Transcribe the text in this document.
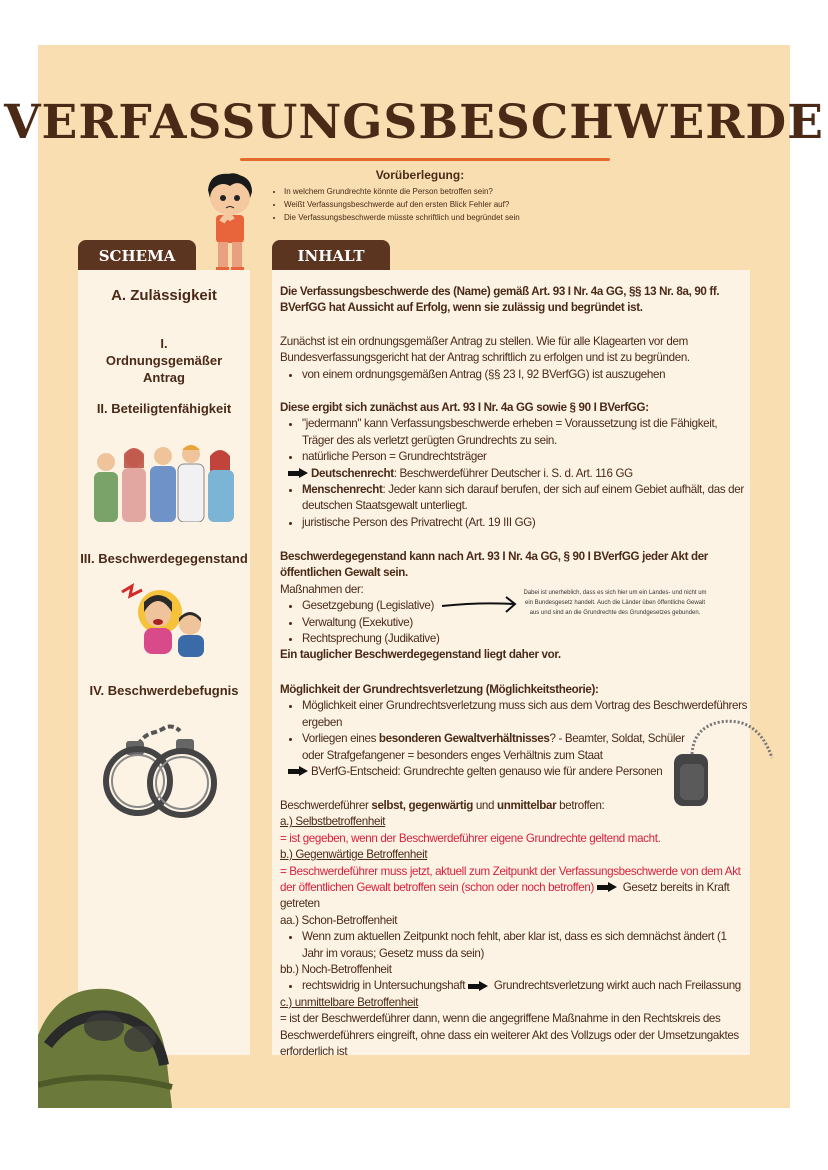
VERFASSUNGSBESCHWERDE
Vorüberlegung:
• In welchem Grundrechte könnte die Person betroffen sein?
• Weißt Verfassungsbeschwerde auf den ersten Blick Fehler auf?
• Die Verfassungsbeschwerde müsste schriftlich und begründet sein
SCHEMA	INHALT
A. Zulässigkeit
I. Ordnungsgemäßer Antrag
II. Beteiligtenfähigkeit
III. Beschwerdegegenstand
IV. Beschwerdebefugnis
Die Verfassungsbeschwerde des (Name) gemäß Art. 93 I Nr. 4a GG, §§ 13 Nr. 8a, 90 ff. BVerfGG hat Aussicht auf Erfolg, wenn sie zulässig und begründet ist.

Zunächst ist ein ordnungsgemäßer Antrag zu stellen. Wie für alle Klagearten vor dem Bundesverfassungsgericht hat der Antrag schriftlich zu erfolgen und ist zu begründen.

• von einem ordnungsgemäßen Antrag (§§ 23 I, 92 BVerfGG) ist auszugehen

Diese ergibt sich zunächst aus Art. 93 I Nr. 4a GG sowie § 90 I BVerfGG:

• "jedermann" kann Verfassungsbeschwerde erheben = Voraussetzung ist die Fähigkeit, Träger des als verletzt gerügten Grundrechts zu sein.
• natürliche Person = Grundrechtsträger

Deutschenrecht: Beschwerdeführer Deutscher i. S. d. Art. 116 GG

• Menschenrecht: Jeder kann sich darauf berufen, der sich auf einem Gebiet aufhält, das der deutschen Staatsgewalt unterliegt.
• juristische Person des Privatrecht (Art. 19 III GG)

Beschwerdegegenstand kann nach Art. 93 I Nr. 4a GG, § 90 I BVerfGG jeder Akt der öffentlichen Gewalt sein.

Maßnahmen der:

• Gesetzgebung (Legislative)
• Verwaltung (Exekutive)
• Rechtsprechung (Judikative)

Ein tauglicher Beschwerdegegenstand liegt daher vor.

Dabei ist unerheblich, dass es sich hier um ein Landes- und nicht um ein Bundesgesetz handelt. Auch die Länder üben öffentliche Gewalt aus und sind an die Grundrechte des Grundgesetzes gebunden.

Möglichkeit der Grundrechtsverletzung (Möglichkeitstheorie):

• Möglichkeit einer Grundrechtsverletzung muss sich aus dem Vortrag des Beschwerdeführers ergeben
• Vorliegen eines besonderen Gewaltverhältnisses? - Beamter, Soldat, Schüler oder Strafgefangener = besonders enges Verhältnis zum Staat

BVerfG-Entscheid: Grundrechte gelten genauso wie für andere Personen

Beschwerdeführer selbst, gegenwärtig und unmittelbar betroffen:

a.) Selbstbetroffenheit

= ist gegeben, wenn der Beschwerdeführer eigene Grundrechte geltend macht.

b.) Gegenwärtige Betroffenheit

= Beschwerdeführer muss jetzt, aktuell zum Zeitpunkt der Verfassungsbeschwerde von dem Akt der öffentlichen Gewalt betroffen sein (schon oder noch betroffen) Gesetz bereits in Kraft getreten

aa.) Schon-Betroffenheit

• Wenn zum aktuellen Zeitpunkt noch fehlt, aber klar ist, dass es sich demnächst ändert (1 Jahr im voraus; Gesetz muss da sein)

bb.) Noch-Betroffenheit

• rechtswidrig in Untersuchungshaft Grundrechtsverletzung wirkt auch nach Freilassung

c.) unmittelbare Betroffenheit

= ist der Beschwerdeführer dann, wenn die angegriffene Maßnahme in den Rechtskreis des Beschwerdeführers eingreift, ohne dass ein weiterer Akt des Vollzugs oder der Umsetzungaktes erforderlich ist
